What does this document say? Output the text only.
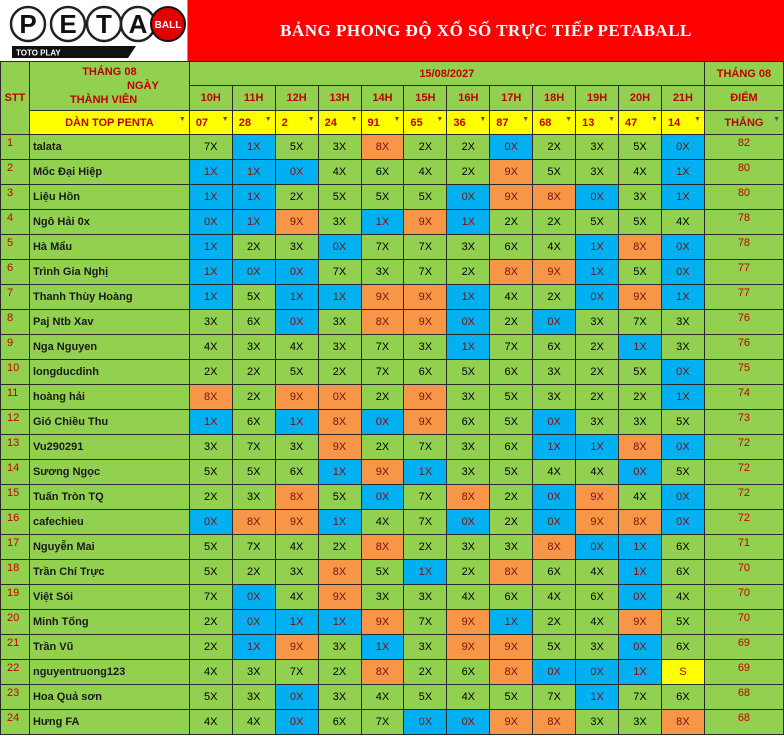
P E T A BALL
TOTO PLAY
BẢNG PHONG ĐỘ XỔ SỐ TRỰC TIẾP PETABALL
STT	THÁNG 08
NGÀY
THÀNH VIÊN	15/08/2027												THÁNG 08
		10H	11H	12H	13H	14H	15H	16H	17H	18H	19H	20H	21H	ĐIỂM
	DÀN TOP PENTA ▼	07 ▼	28 ▼	2 ▼	24 ▼	91 ▼	65 ▼	36 ▼	87 ▼	68 ▼	13 ▼	47 ▼	14 ▼	THẮNG ▼

1	talata	7X	1X	5X	3X	8X	2X	2X	0X	2X	3X	5X	0X	82
2	Mốc Đại Hiệp	1X	1X	0X	4X	6X	4X	2X	9X	5X	3X	4X	1X	80
3	Liệu Hồn	1X	1X	2X	5X	5X	5X	0X	9X	8X	0X	3X	1X	80
4	Ngô Hải 0x	0X	1X	9X	3X	1X	9X	1X	2X	2X	5X	5X	4X	78
5	Hà Mẩu	1X	2X	3X	0X	7X	7X	3X	6X	4X	1X	8X	0X	78
6	Trình Gia Nghị	1X	0X	0X	7X	3X	7X	2X	8X	9X	1X	5X	0X	77
7	Thanh Thùy Hoàng	1X	5X	1X	1X	9X	9X	1X	4X	2X	0X	9X	1X	77
8	Paj Ntb Xav	3X	6X	0X	3X	8X	9X	0X	2X	0X	3X	7X	3X	76
9	Nga Nguyen	4X	3X	4X	3X	7X	3X	1X	7X	6X	2X	1X	3X	76
10	longducdinh	2X	2X	5X	2X	7X	6X	5X	6X	3X	2X	5X	0X	75
11	hoàng hải	8X	2X	9X	0X	2X	9X	3X	5X	3X	2X	2X	1X	74
12	Gió Chiều Thu	1X	6X	1X	8X	0X	9X	6X	5X	0X	3X	3X	5X	73
13	Vu290291	3X	7X	3X	9X	2X	7X	3X	6X	1X	1X	8X	0X	72
14	Sương Ngọc	5X	5X	6X	1X	9X	1X	3X	5X	4X	4X	0X	5X	72
15	Tuấn Tròn TQ	2X	3X	8X	5X	0X	7X	8X	2X	0X	9X	4X	0X	72
16	cafechieu	0X	8X	9X	1X	4X	7X	0X	2X	0X	9X	8X	0X	72
17	Nguyễn Mai	5X	7X	4X	2X	8X	2X	3X	3X	8X	0X	1X	6X	71
18	Trần Chí Trực	5X	2X	3X	8X	5X	1X	2X	8X	6X	4X	1X	6X	70
19	Việt Sói	7X	0X	4X	9X	3X	3X	4X	6X	4X	6X	0X	4X	70
20	Minh Tống	2X	0X	1X	1X	9X	7X	9X	1X	2X	4X	9X	5X	70
21	Trần Vũ	2X	1X	9X	3X	1X	3X	9X	9X	5X	3X	0X	6X	69
22	nguyentruong123	4X	3X	7X	2X	8X	2X	6X	8X	0X	0X	1X	S	69
23	Hoa Quả sơn	5X	3X	0X	3X	4X	5X	4X	5X	7X	1X	7X	6X	68
24	Hưng FA	4X	4X	0X	6X	7X	0X	0X	9X	8X	3X	3X	8X	68
